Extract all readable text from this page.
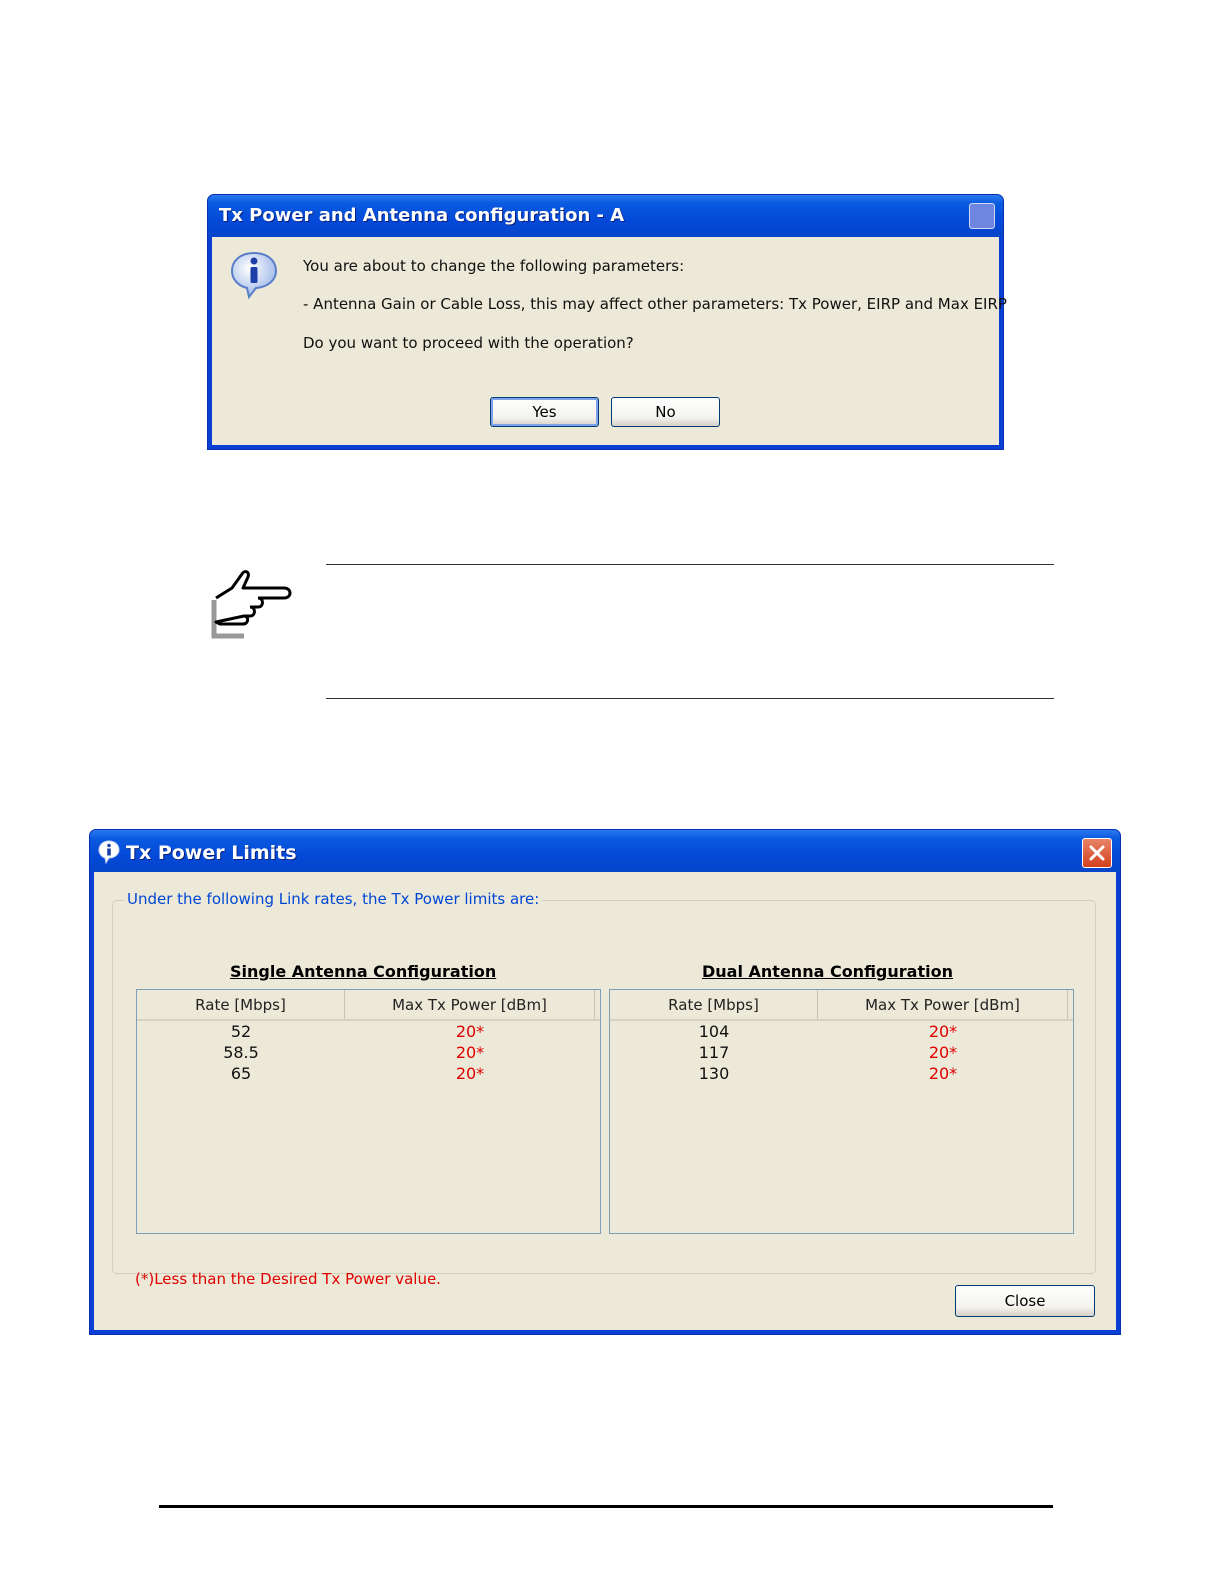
Tx Power and Antenna configuration - A
You are about to change the following parameters:
- Antenna Gain or Cable Loss, this may affect other parameters: Tx Power, EIRP and Max EIRP
Do you want to proceed with the operation?
Yes	No
Tx Power Limits
Under the following Link rates, the Tx Power limits are:
Single Antenna Configuration	Dual Antenna Configuration
Rate [Mbps]	Max Tx Power [dBm]
52	20*
58.5	20*
65	20*
Rate [Mbps]	Max Tx Power [dBm]
104	20*
117	20*
130	20*
(*)Less than the Desired Tx Power value.
Close
